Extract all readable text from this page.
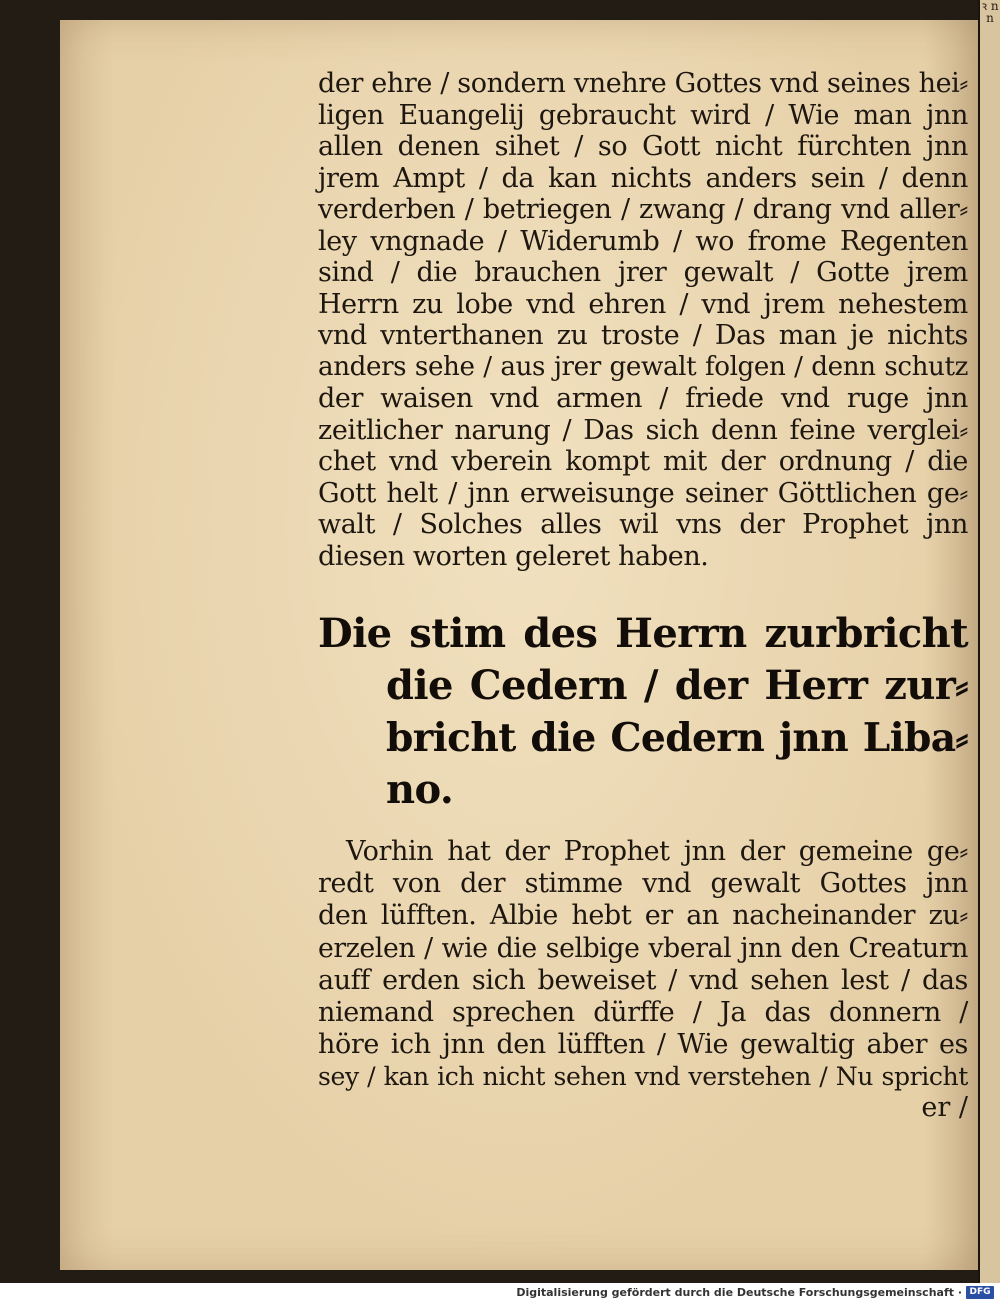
ꝛ n n
der ehre / sondern vnehre Gottes vnd seines hei⸗
ligen Euangelij gebraucht wird / Wie man jnn
allen denen sihet / so Gott nicht fürchten jnn
jrem Ampt / da kan nichts anders sein / denn
verderben / betriegen / zwang / drang vnd aller⸗
ley vngnade / Widerumb / wo frome Regenten
sind / die brauchen jrer gewalt / Gotte jrem
Herrn zu lobe vnd ehren / vnd jrem nehestem
vnd vnterthanen zu troste / Das man je nichts
anders sehe / aus jrer gewalt folgen / denn schutz
der waisen vnd armen / friede vnd ruge jnn
zeitlicher narung / Das sich denn feine verglei⸗
chet vnd vberein kompt mit der ordnung / die
Gott helt / jnn erweisunge seiner Göttlichen ge⸗
walt / Solches alles wil vns der Prophet jnn
diesen worten geleret haben.
Die stim des Herrn zurbricht
die Cedern / der Herr zur⸗
bricht die Cedern jnn Liba⸗
no.
Vorhin hat der Prophet jnn der gemeine ge⸗
redt von der stimme vnd gewalt Gottes jnn
den lüfften. Albie hebt er an nacheinander zu⸗
erzelen / wie die selbige vberal jnn den Creaturn
auff erden sich beweiset / vnd sehen lest / das
niemand sprechen dürffe / Ja das donnern /
höre ich jnn den lüfften / Wie gewaltig aber es
sey / kan ich nicht sehen vnd verstehen / Nu spricht
er /
Digitalisierung gefördert durch die Deutsche Forschungsgemeinschaft · DFG
